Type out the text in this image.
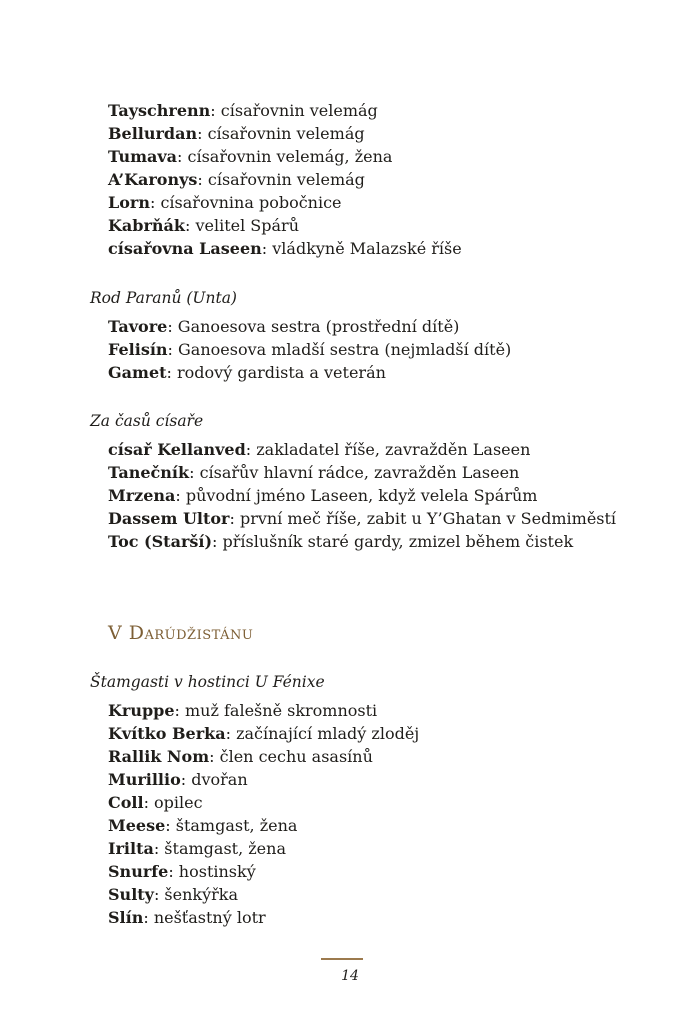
Tayschrenn: císařovnin velemág
Bellurdan: císařovnin velemág
Tumava: císařovnin velemág, žena
A’Karonys: císařovnin velemág
Lorn: císařovnina pobočnice
Kabrňák: velitel Spárů
císařovna Laseen: vládkyně Malazské říše
Rod Paranů (Unta)
Tavore: Ganoesova sestra (prostřední dítě)
Felisín: Ganoesova mladší sestra (nejmladší dítě)
Gamet: rodový gardista a veterán
Za časů císaře
císař Kellanved: zakladatel říše, zavražděn Laseen
Tanečník: císařův hlavní rádce, zavražděn Laseen
Mrzena: původní jméno Laseen, když velela Spárům
Dassem Ultor: první meč říše, zabit u Y’Ghatan v Sedmiměstí
Toc (Starší): příslušník staré gardy, zmizel během čistek
V Darúdžistánu
Štamgasti v hostinci U Fénixe
Kruppe: muž falešně skromnosti
Kvítko Berka: začínající mladý zloděj
Rallik Nom: člen cechu asasínů
Murillio: dvořan
Coll: opilec
Meese: štamgast, žena
Irilta: štamgast, žena
Snurfe: hostinský
Sulty: šenkýřka
Slín: nešťastný lotr
14
